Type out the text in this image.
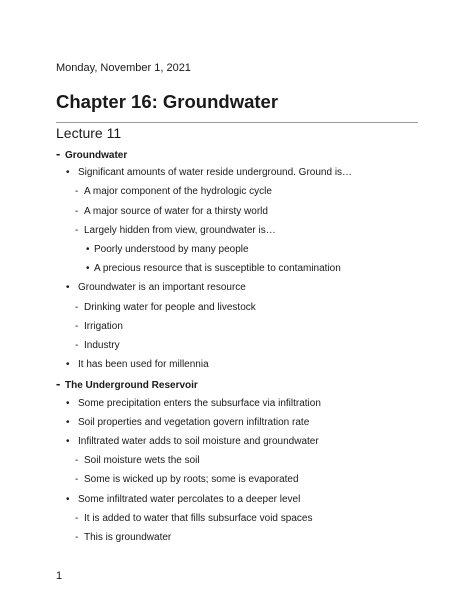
Monday, November 1, 2021
Chapter 16: Groundwater
Lecture 11
- Groundwater
• Significant amounts of water reside underground. Ground is…
- A major component of the hydrologic cycle
- A major source of water for a thirsty world
- Largely hidden from view, groundwater is…
• Poorly understood by many people
• A precious resource that is susceptible to contamination
• Groundwater is an important resource
- Drinking water for people and livestock
- Irrigation
- Industry
• It has been used for millennia
- The Underground Reservoir
• Some precipitation enters the subsurface via infiltration
• Soil properties and vegetation govern infiltration rate
• Infiltrated water adds to soil moisture and groundwater
- Soil moisture wets the soil
- Some is wicked up by roots; some is evaporated
• Some infiltrated water percolates to a deeper level
- It is added to water that fills subsurface void spaces
- This is groundwater
1
